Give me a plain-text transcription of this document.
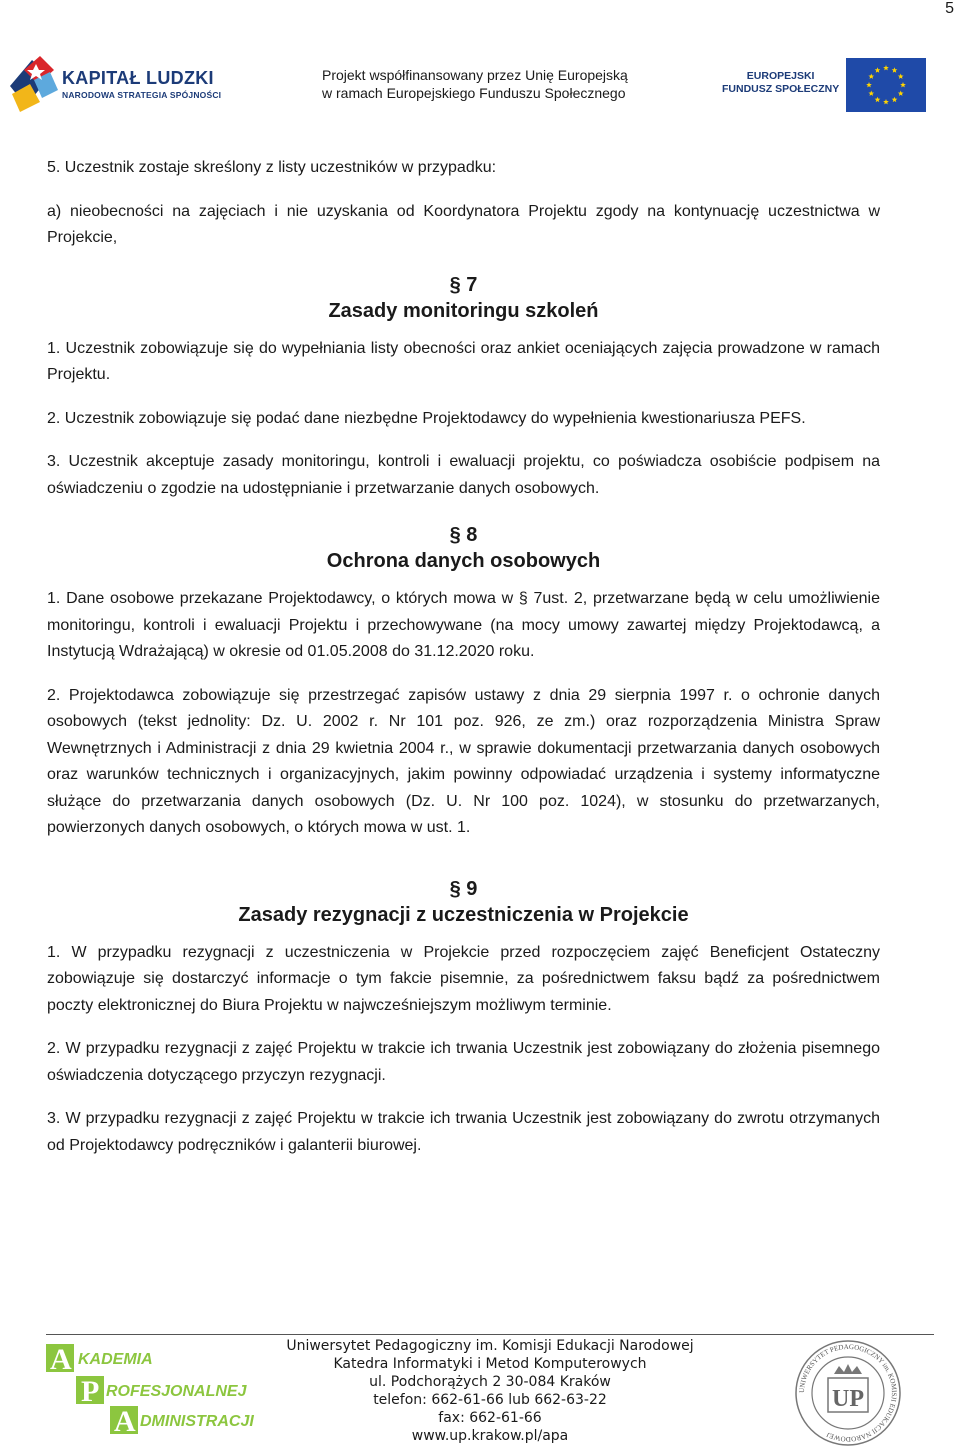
5
KAPITAŁ LUDZKI
NARODOWA STRATEGIA SPÓJNOŚCI
Projekt współfinansowany przez Unię Europejską
w ramach Europejskiego Funduszu Społecznego
EUROPEJSKI
FUNDUSZ SPOŁECZNY

5. Uczestnik zostaje skreślony z listy uczestników w przypadku:

a) nieobecności na zajęciach i nie uzyskania od Koordynatora Projektu zgody na kontynuację uczestnictwa w Projekcie,

§ 7
Zasady monitoringu szkoleń

1. Uczestnik zobowiązuje się do wypełniania listy obecności oraz ankiet oceniających zajęcia prowadzone w ramach Projektu.

2. Uczestnik zobowiązuje się podać dane niezbędne Projektodawcy do wypełnienia kwestionariusza PEFS.

3. Uczestnik akceptuje zasady monitoringu, kontroli i ewaluacji projektu, co poświadcza osobiście podpisem na oświadczeniu o zgodzie na udostępnianie i przetwarzanie danych osobowych.

§ 8
Ochrona danych osobowych

1. Dane osobowe przekazane Projektodawcy, o których mowa w § 7ust. 2, przetwarzane będą w celu umożliwienie monitoringu, kontroli i ewaluacji Projektu i przechowywane (na mocy umowy zawartej między Projektodawcą, a Instytucją Wdrażającą) w okresie od 01.05.2008 do 31.12.2020 roku.

2. Projektodawca zobowiązuje się przestrzegać zapisów ustawy z dnia 29 sierpnia 1997 r. o ochronie danych osobowych (tekst jednolity: Dz. U. 2002 r. Nr 101 poz. 926, ze zm.) oraz rozporządzenia Ministra Spraw Wewnętrznych i Administracji z dnia 29 kwietnia 2004 r., w sprawie dokumentacji przetwarzania danych osobowych oraz warunków technicznych i organizacyjnych, jakim powinny odpowiadać urządzenia i systemy informatyczne służące do przetwarzania danych osobowych (Dz. U. Nr 100 poz. 1024), w stosunku do przetwarzanych, powierzonych danych osobowych, o których mowa w ust. 1.

§ 9
Zasady rezygnacji z uczestniczenia w Projekcie

1. W przypadku rezygnacji z uczestniczenia w Projekcie przed rozpoczęciem zajęć Beneficjent Ostateczny zobowiązuje się dostarczyć informacje o tym fakcie pisemnie, za pośrednictwem faksu bądź za pośrednictwem poczty elektronicznej do Biura Projektu w najwcześniejszym możliwym terminie.

2. W przypadku rezygnacji z zajęć Projektu w trakcie ich trwania Uczestnik jest zobowiązany do złożenia pisemnego oświadczenia dotyczącego przyczyn rezygnacji.

3. W przypadku rezygnacji z zajęć Projektu w trakcie ich trwania Uczestnik jest zobowiązany do zwrotu otrzymanych od Projektodawcy podręczników i galanterii biurowej.

A KADEMIA
P ROFESJONALNEJ
A DMINISTRACJI
Uniwersytet Pedagogiczny im. Komisji Edukacji Narodowej
Katedra Informatyki i Metod Komputerowych
ul. Podchorążych 2 30-084 Kraków
telefon: 662-61-66 lub 662-63-22
fax: 662-61-66
www.up.krakow.pl/apa
UNIWERSYTET PEDAGOGICZNY im. KOMISJI EDUKACJI NARODOWEJ
UP
